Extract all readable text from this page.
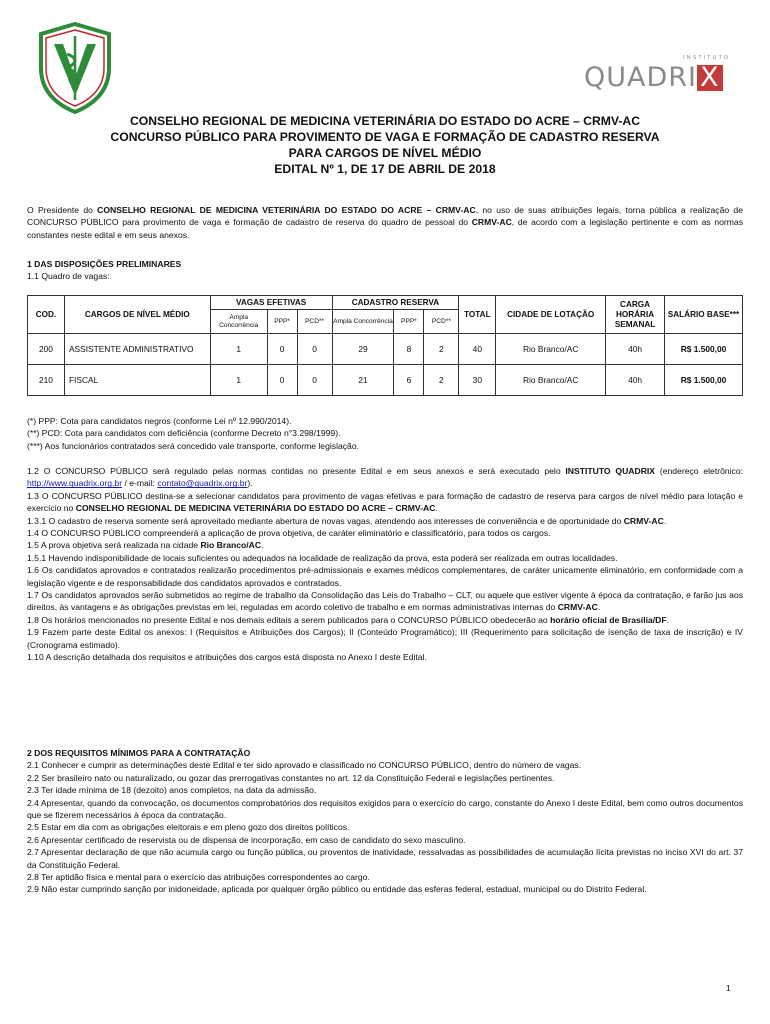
INSTITUTO
QUADRI X
CONSELHO REGIONAL DE MEDICINA VETERINÁRIA DO ESTADO DO ACRE – CRMV-AC
CONCURSO PÚBLICO PARA PROVIMENTO DE VAGA E FORMAÇÃO DE CADASTRO RESERVA
PARA CARGOS DE NÍVEL MÉDIO
EDITAL Nº 1, DE 17 DE ABRIL DE 2018

O Presidente do CONSELHO REGIONAL DE MEDICINA VETERINÁRIA DO ESTADO DO ACRE – CRMV-AC, no uso de suas atribuições legais, torna pública a realização de CONCURSO PÚBLICO para provimento de vaga e formação de cadastro de reserva do quadro de pessoal do CRMV-AC, de acordo com a legislação pertinente e com as normas constantes neste edital e em seus anexos.

1 DAS DISPOSIÇÕES PRELIMINARES

1.1 Quadro de vagas:

COD.	CARGOS DE NÍVEL MÉDIO	VAGAS EFETIVAS			CADASTRO RESERVA			TOTAL	CIDADE DE LOTAÇÃO	CARGA HORÁRIA SEMANAL	SALÁRIO BASE***
		Ampla Concorrência	PPP*	PCD**	Ampla Concorrência	PPP*	PCD**				
200	ASSISTENTE ADMINISTRATIVO	1	0	0	29	8	2	40	Rio Branco/AC	40h	R$ 1.500,00
210	FISCAL	1	0	0	21	6	2	30	Rio Branco/AC	40h	R$ 1.500,00

(*) PPP: Cota para candidatos negros (conforme Lei nº 12.990/2014).

(**) PCD: Cota para candidatos com deficiência (conforme Decreto n°3.298/1999).

(***) Aos funcionários contratados será concedido vale transporte, conforme legislação.

1.2 O CONCURSO PÚBLICO será regulado pelas normas contidas no presente Edital e em seus anexos e será executado pelo INSTITUTO QUADRIX (endereço eletrônico: http://www.quadrix.org.br / e-mail: contato@quadrix.org.br).

1.3 O CONCURSO PÚBLICO destina-se a selecionar candidatos para provimento de vagas efetivas e para formação de cadastro de reserva para cargos de nível médio para lotação e exercício no CONSELHO REGIONAL DE MEDICINA VETERINÁRIA DO ESTADO DO ACRE – CRMV-AC.

1.3.1 O cadastro de reserva somente será aproveitado mediante abertura de novas vagas, atendendo aos interesses de conveniência e de oportunidade do CRMV-AC.

1.4 O CONCURSO PÚBLICO compreenderá a aplicação de prova objetiva, de caráter eliminatório e classificatório, para todos os cargos.

1.5 A prova objetiva será realizada na cidade Rio Branco/AC.

1.5.1 Havendo indisponibilidade de locais suficientes ou adequados na localidade de realização da prova, esta poderá ser realizada em outras localidades.

1.6 Os candidatos aprovados e contratados realizarão procedimentos pré-admissionais e exames médicos complementares, de caráter unicamente eliminatório, em conformidade com a legislação vigente e de responsabilidade dos candidatos aprovados e contratados.

1.7 Os candidatos aprovados serão submetidos ao regime de trabalho da Consolidação das Leis do Trabalho – CLT, ou aquele que estiver vigente à época da contratação, e farão jus aos direitos, às vantagens e às obrigações previstas em lei, reguladas em acordo coletivo de trabalho e em normas administrativas internas do CRMV-AC.

1.8 Os horários mencionados no presente Edital e nos demais editais a serem publicados para o CONCURSO PÚBLICO obedecerão ao horário oficial de Brasília/DF.

1.9 Fazem parte deste Edital os anexos: I (Requisitos e Atribuições dos Cargos); II (Conteúdo Programático); III (Requerimento para solicitação de isenção de taxa de inscrição) e IV (Cronograma estimado).

1.10 A descrição detalhada dos requisitos e atribuições dos cargos está disposta no Anexo I deste Edital.

2 DOS REQUISITOS MÍNIMOS PARA A CONTRATAÇÃO

2.1 Conhecer e cumprir as determinações deste Edital e ter sido aprovado e classificado no CONCURSO PÚBLICO, dentro do número de vagas.

2.2 Ser brasileiro nato ou naturalizado, ou gozar das prerrogativas constantes no art. 12 da Constituição Federal e legislações pertinentes.

2.3 Ter idade mínima de 18 (dezoito) anos completos, na data da admissão.

2.4 Apresentar, quando da convocação, os documentos comprobatórios dos requisitos exigidos para o exercício do cargo, constante do Anexo I deste Edital, bem como outros documentos que se fizerem necessários à época da contratação.

2.5 Estar em dia com as obrigações eleitorais e em pleno gozo dos direitos políticos.

2.6 Apresentar certificado de reservista ou de dispensa de incorporação, em caso de candidato do sexo masculino.

2.7 Apresentar declaração de que não acumula cargo ou função pública, ou proventos de inatividade, ressalvadas as possibilidades de acumulação lícita previstas no inciso XVI do art. 37 da Constituição Federal.

2.8 Ter aptidão física e mental para o exercício das atribuições correspondentes ao cargo.

2.9 Não estar cumprindo sanção por inidoneidade, aplicada por qualquer órgão público ou entidade das esferas federal, estadual, municipal ou do Distrito Federal.

1
